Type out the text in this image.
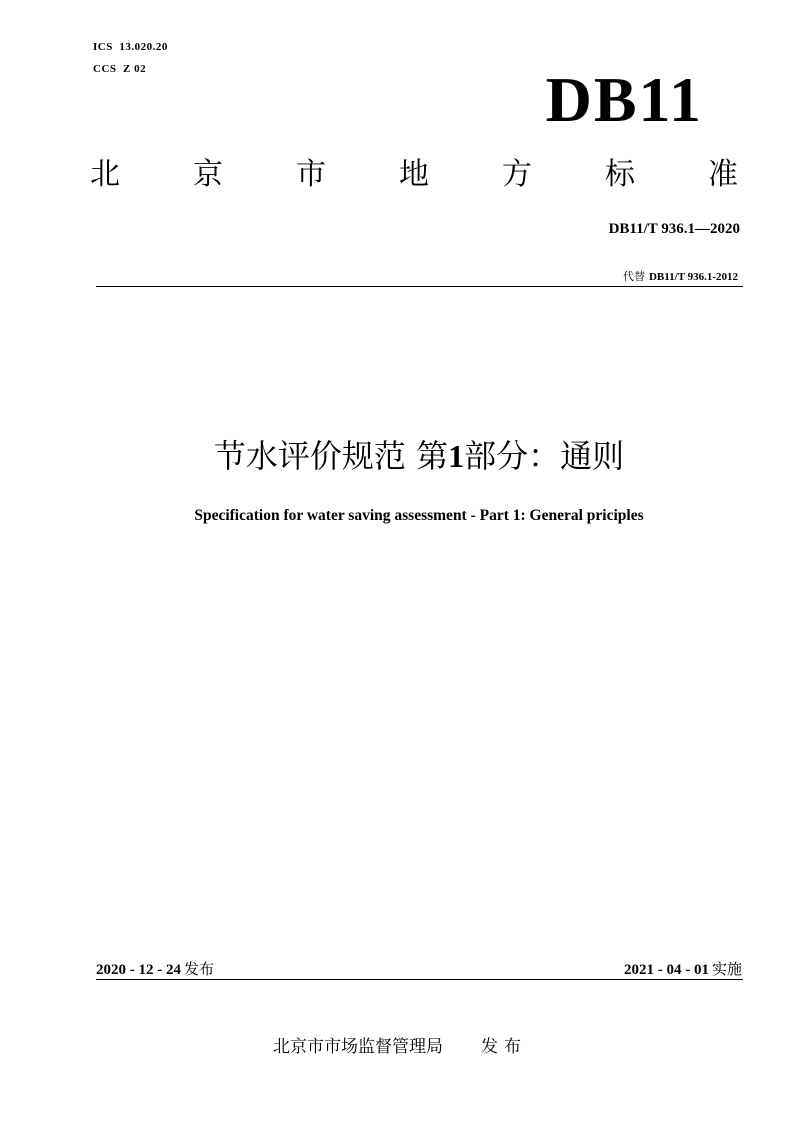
ICS  13.020.20
CCS  Z 02	DB11
北 京 市 地 方 标 准
DB11/T 936.1—2020

代替 DB11/T 936.1-2012

节水评价规范 第1部分：通则
Specification for water saving assessment - Part 1: General priciples
2020 - 12 - 24 发布	2021 - 04 - 01 实施
北京市市场监督管理局 发布
